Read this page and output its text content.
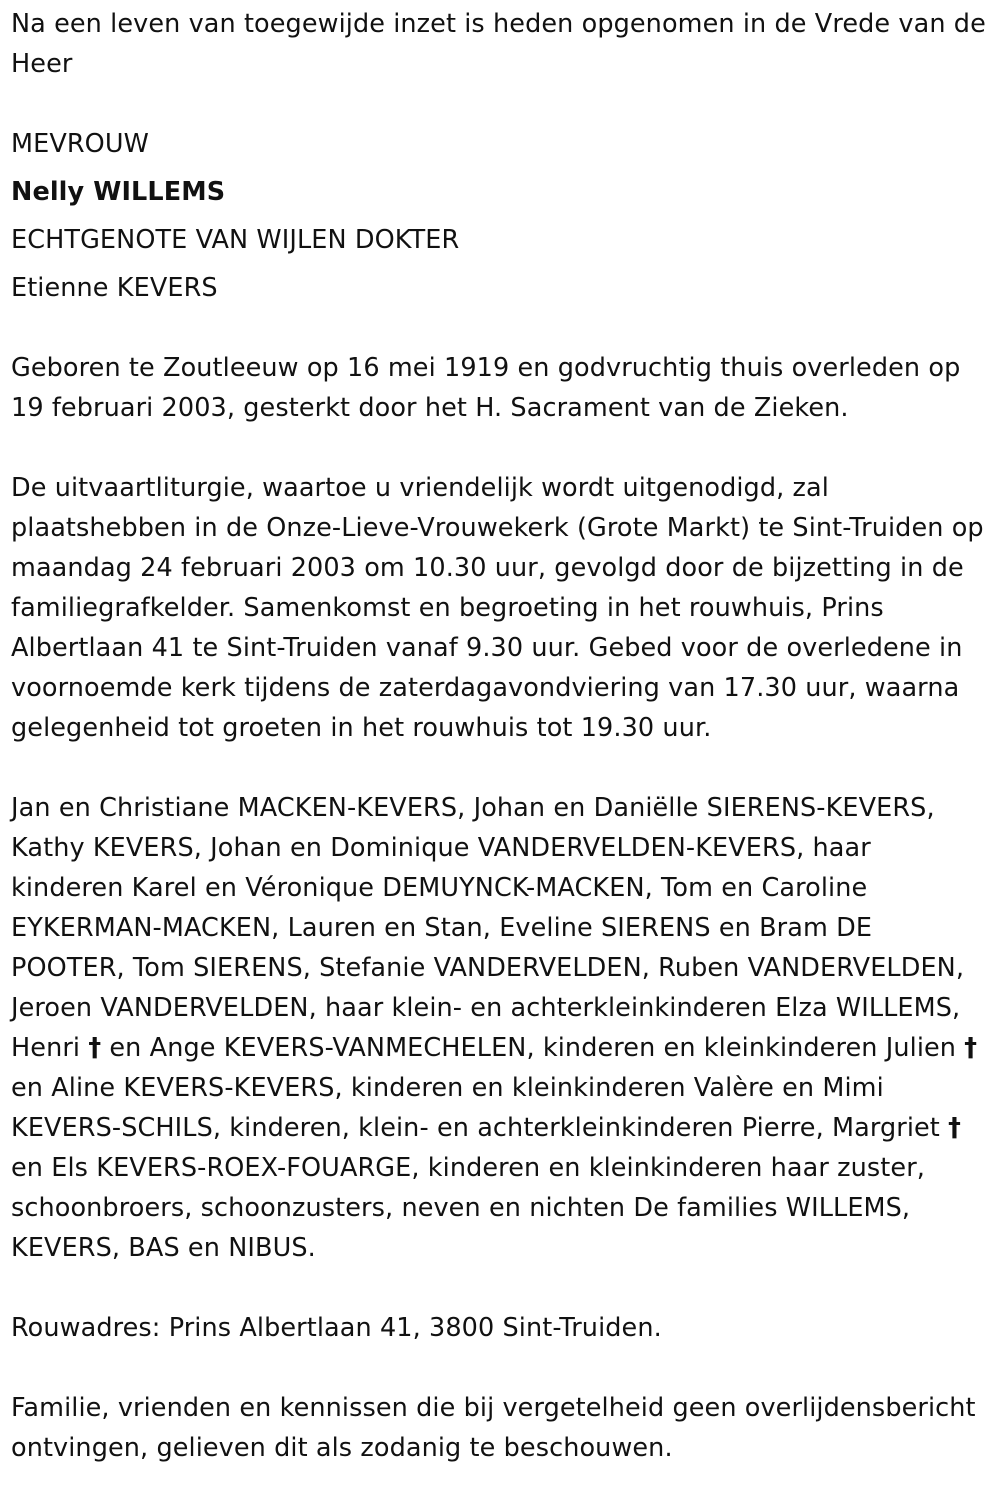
Na een leven van toegewijde inzet is heden opgenomen in de Vrede van de Heer

MEVROUW

Nelly WILLEMS

ECHTGENOTE VAN WIJLEN DOKTER

Etienne KEVERS

Geboren te Zoutleeuw op 16 mei 1919 en godvruchtig thuis overleden op 19 februari 2003, gesterkt door het H. Sacrament van de Zieken.

De uitvaartliturgie, waartoe u vriendelijk wordt uitgenodigd, zal plaatshebben in de Onze-Lieve-Vrouwekerk (Grote Markt) te Sint-Truiden op maandag 24 februari 2003 om 10.30 uur, gevolgd door de bijzetting in de familiegrafkelder. Samenkomst en begroeting in het rouwhuis, Prins Albertlaan 41 te Sint-Truiden vanaf 9.30 uur. Gebed voor de overledene in voornoemde kerk tijdens de zaterdagavondviering van 17.30 uur, waarna gelegenheid tot groeten in het rouwhuis tot 19.30 uur.

Jan en Christiane MACKEN-KEVERS, Johan en Daniëlle SIERENS-KEVERS, Kathy KEVERS, Johan en Dominique VANDERVELDEN-KEVERS, haar kinderen Karel en Véronique DEMUYNCK-MACKEN, Tom en Caroline EYKERMAN-MACKEN, Lauren en Stan, Eveline SIERENS en Bram DE POOTER, Tom SIERENS, Stefanie VANDERVELDEN, Ruben VANDERVELDEN, Jeroen VANDERVELDEN, haar klein- en achterkleinkinderen Elza WILLEMS, Henri † en Ange KEVERS-VANMECHELEN, kinderen en kleinkinderen Julien † en Aline KEVERS-KEVERS, kinderen en kleinkinderen Valère en Mimi KEVERS-SCHILS, kinderen, klein- en achterkleinkinderen Pierre, Margriet † en Els KEVERS-ROEX-FOUARGE, kinderen en kleinkinderen haar zuster, schoonbroers, schoonzusters, neven en nichten De families WILLEMS, KEVERS, BAS en NIBUS.

Rouwadres: Prins Albertlaan 41, 3800 Sint-Truiden.

Familie, vrienden en kennissen die bij vergetelheid geen overlijdensbericht ontvingen, gelieven dit als zodanig te beschouwen.
